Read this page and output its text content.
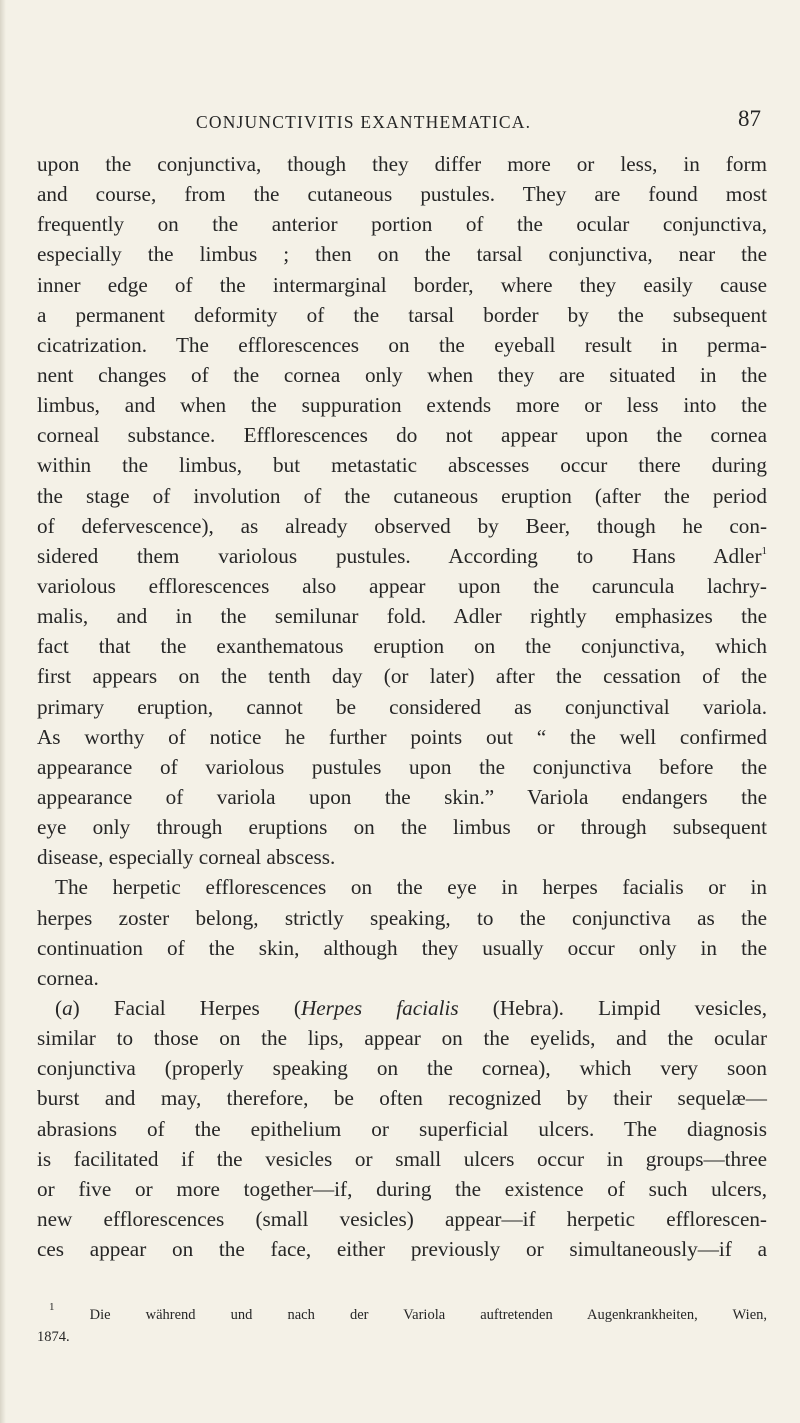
CONJUNCTIVITIS EXANTHEMATICA.	87
upon the conjunctiva, though they differ more or less, in form
and course, from the cutaneous pustules. They are found most
frequently on the anterior portion of the ocular conjunctiva,
especially the limbus ; then on the tarsal conjunctiva, near the
inner edge of the intermarginal border, where they easily cause
a permanent deformity of the tarsal border by the subsequent
cicatrization. The efflorescences on the eyeball result in perma-
nent changes of the cornea only when they are situated in the
limbus, and when the suppuration extends more or less into the
corneal substance. Efflorescences do not appear upon the cornea
within the limbus, but metastatic abscesses occur there during
the stage of involution of the cutaneous eruption (after the period
of defervescence), as already observed by Beer, though he con-
sidered them variolous pustules. According to Hans Adler$^1$
variolous efflorescences also appear upon the caruncula lachry-
malis, and in the semilunar fold. Adler rightly emphasizes the
fact that the exanthematous eruption on the conjunctiva, which
first appears on the tenth day (or later) after the cessation of the
primary eruption, cannot be considered as conjunctival variola.
As worthy of notice he further points out “ the well confirmed
appearance of variolous pustules upon the conjunctiva before the
appearance of variola upon the skin.” Variola endangers the
eye only through eruptions on the limbus or through subsequent
disease, especially corneal abscess.
The herpetic efflorescences on the eye in herpes facialis or in
herpes zoster belong, strictly speaking, to the conjunctiva as the
continuation of the skin, although they usually occur only in the
cornea.
(a) Facial Herpes (Herpes facialis (Hebra). Limpid vesicles,
similar to those on the lips, appear on the eyelids, and the ocular
conjunctiva (properly speaking on the cornea), which very soon
burst and may, therefore, be often recognized by their sequelæ—
abrasions of the epithelium or superficial ulcers. The diagnosis
is facilitated if the vesicles or small ulcers occur in groups—three
or five or more together—if, during the existence of such ulcers,
new efflorescences (small vesicles) appear—if herpetic efflorescen-
ces appear on the face, either previously or simultaneously—if a
$^1$ Die während und nach der Variola auftretenden Augenkrankheiten, Wien,
1874.
